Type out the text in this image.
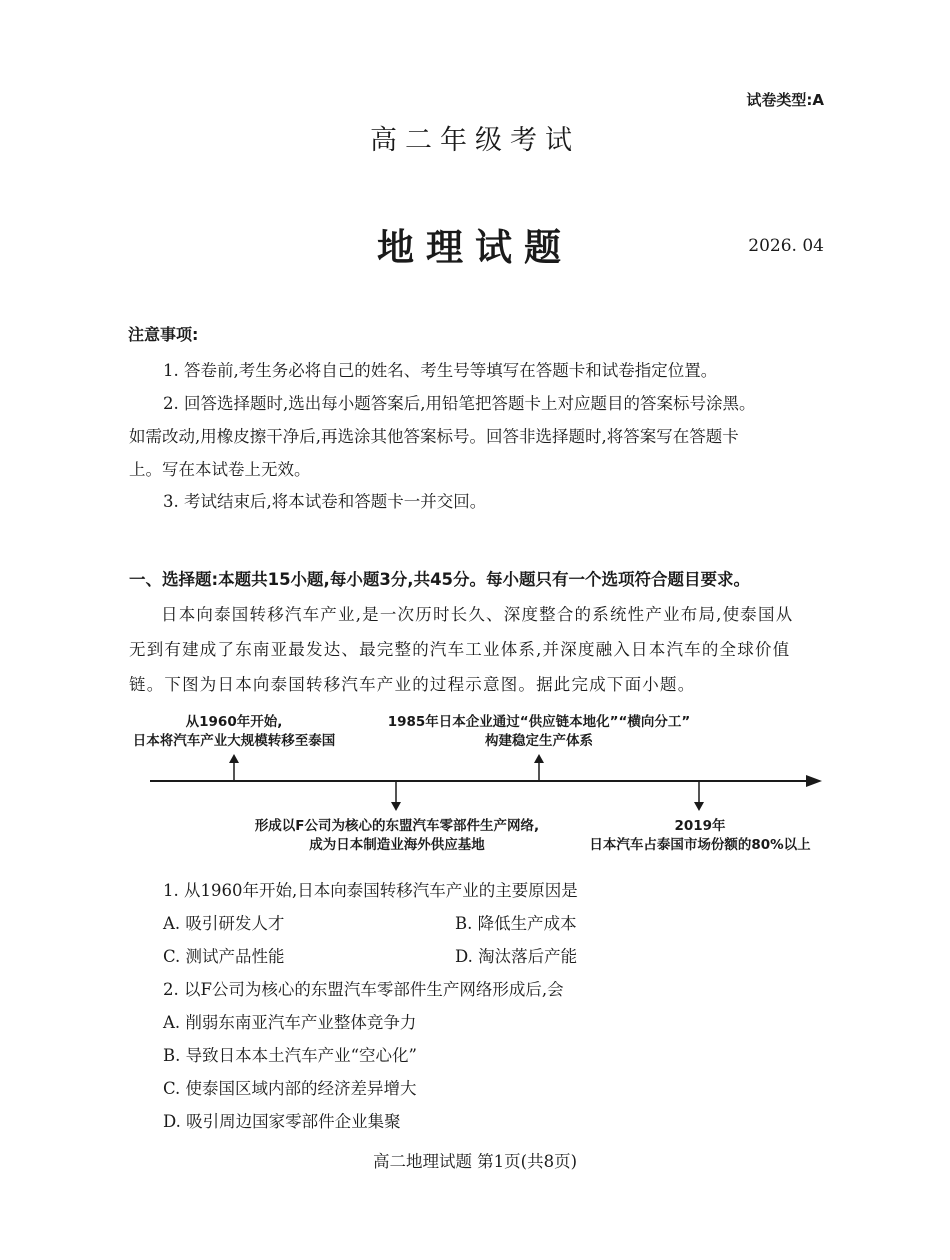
试卷类型:A
高二年级考试
地理试题	2026. 04
注意事项:
1. 答卷前,考生务必将自己的姓名、考生号等填写在答题卡和试卷指定位置。
2. 回答选择题时,选出每小题答案后,用铅笔把答题卡上对应题目的答案标号涂黑。
如需改动,用橡皮擦干净后,再选涂其他答案标号。回答非选择题时,将答案写在答题卡
上。写在本试卷上无效。
3. 考试结束后,将本试卷和答题卡一并交回。
一、选择题:本题共15小题,每小题3分,共45分。每小题只有一个选项符合题目要求。
日本向泰国转移汽车产业,是一次历时长久、深度整合的系统性产业布局,使泰国从
无到有建成了东南亚最发达、最完整的汽车工业体系,并深度融入日本汽车的全球价值
链。下图为日本向泰国转移汽车产业的过程示意图。据此完成下面小题。
从1960年开始,
日本将汽车产业大规模转移至泰国
1985年日本企业通过“供应链本地化”“横向分工”
构建稳定生产体系
形成以F公司为核心的东盟汽车零部件生产网络,
成为日本制造业海外供应基地
2019年
日本汽车占泰国市场份额的80%以上
1. 从1960年开始,日本向泰国转移汽车产业的主要原因是
A. 吸引研发人才	B. 降低生产成本
C. 测试产品性能	D. 淘汰落后产能
2. 以F公司为核心的东盟汽车零部件生产网络形成后,会
A. 削弱东南亚汽车产业整体竞争力
B. 导致日本本土汽车产业“空心化”
C. 使泰国区域内部的经济差异增大
D. 吸引周边国家零部件企业集聚
高二地理试题 第1页(共8页)
